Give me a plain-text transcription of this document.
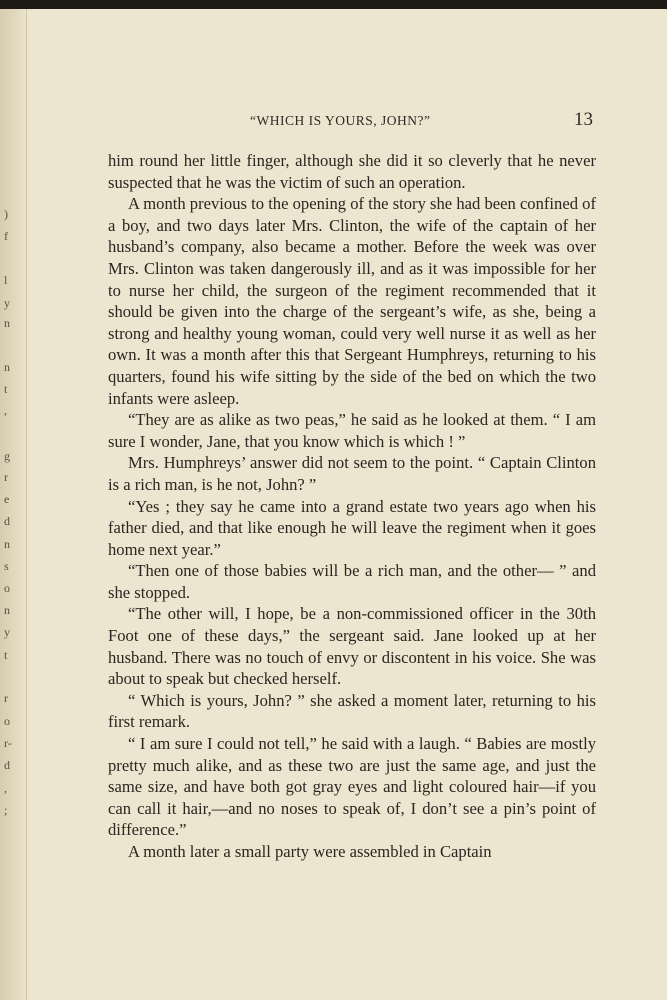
)
f
l
y
n
n
t
,
g
r
e
d
n
s
o
n
y
t
r
o
r-
d
,
;
“WHICH IS YOURS, JOHN?”	13

him round her little finger, although she did it so cleverly that he never suspected that he was the victim of such an operation.

A month previous to the opening of the story she had been confined of a boy, and two days later Mrs. Clinton, the wife of the captain of her husband’s company, also became a mother. Before the week was over Mrs. Clinton was taken dangerously ill, and as it was impossible for her to nurse her child, the surgeon of the regiment recommended that it should be given into the charge of the sergeant’s wife, as she, being a strong and healthy young woman, could very well nurse it as well as her own. It was a month after this that Sergeant Humphreys, returning to his quarters, found his wife sitting by the side of the bed on which the two infants were asleep.

“They are as alike as two peas,” he said as he looked at them. “ I am sure I wonder, Jane, that you know which is which ! ”

Mrs. Humphreys’ answer did not seem to the point. “ Captain Clinton is a rich man, is he not, John? ”

“Yes ; they say he came into a grand estate two years ago when his father died, and that like enough he will leave the regiment when it goes home next year.”

“Then one of those babies will be a rich man, and the other— ” and she stopped.

“The other will, I hope, be a non-commissioned officer in the 30th Foot one of these days,” the sergeant said. Jane looked up at her husband. There was no touch of envy or discontent in his voice. She was about to speak but checked herself.

“ Which is yours, John? ” she asked a moment later, returning to his first remark.

“ I am sure I could not tell,” he said with a laugh. “ Babies are mostly pretty much alike, and as these two are just the same age, and just the same size, and have both got gray eyes and light coloured hair—if you can call it hair,—and no noses to speak of, I don’t see a pin’s point of difference.”

A month later a small party were assembled in Captain
